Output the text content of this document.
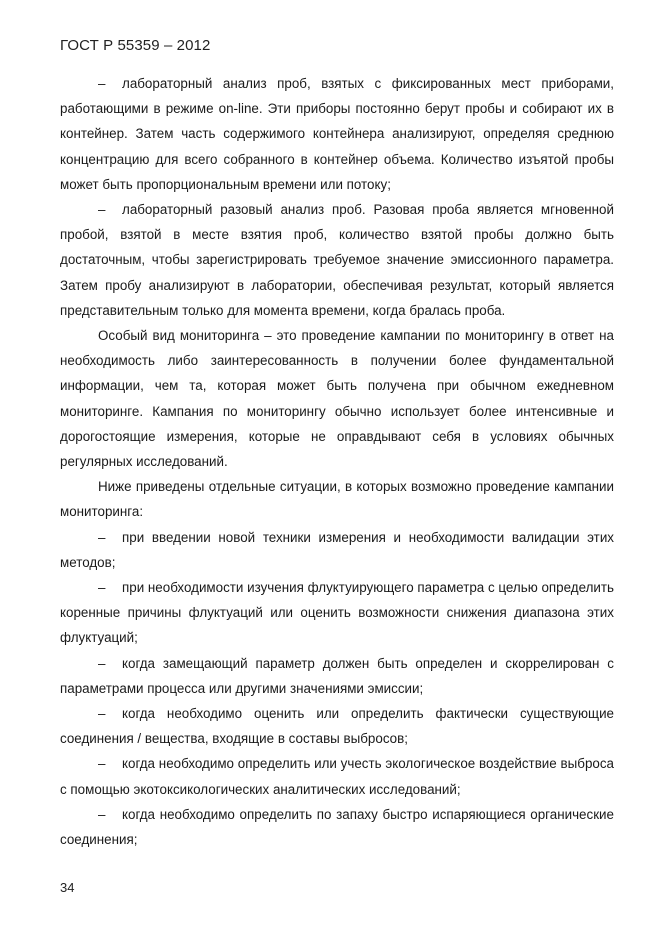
ГОСТ Р 55359 – 2012

– лабораторный анализ проб, взятых с фиксированных мест приборами, работающими в режиме on-line. Эти приборы постоянно берут пробы и собирают их в контейнер. Затем часть содержимого контейнера анализируют, определяя среднюю концентрацию для всего собранного в контейнер объема. Количество изъятой пробы может быть пропорциональным времени или потоку;

– лабораторный разовый анализ проб. Разовая проба является мгновенной пробой, взятой в месте взятия проб, количество взятой пробы должно быть достаточным, чтобы зарегистрировать требуемое значение эмиссионного параметра. Затем пробу анализируют в лаборатории, обеспечивая результат, который является представительным только для момента времени, когда бралась проба.

Особый вид мониторинга – это проведение кампании по мониторингу в ответ на необходимость либо заинтересованность в получении более фундаментальной информации, чем та, которая может быть получена при обычном ежедневном мониторинге. Кампания по мониторингу обычно использует более интенсивные и дорогостоящие измерения, которые не оправдывают себя в условиях обычных регулярных исследований.

Ниже приведены отдельные ситуации, в которых возможно проведение кампании мониторинга:

– при введении новой техники измерения и необходимости валидации этих методов;

– при необходимости изучения флуктуирующего параметра с целью определить коренные причины флуктуаций или оценить возможности снижения диапазона этих флуктуаций;

– когда замещающий параметр должен быть определен и скоррелирован с параметрами процесса или другими значениями эмиссии;

– когда необходимо оценить или определить фактически существующие соединения / вещества, входящие в составы выбросов;

– когда необходимо определить или учесть экологическое воздействие выброса с помощью экотоксикологических аналитических исследований;

– когда необходимо определить по запаху быстро испаряющиеся органические соединения;

34
